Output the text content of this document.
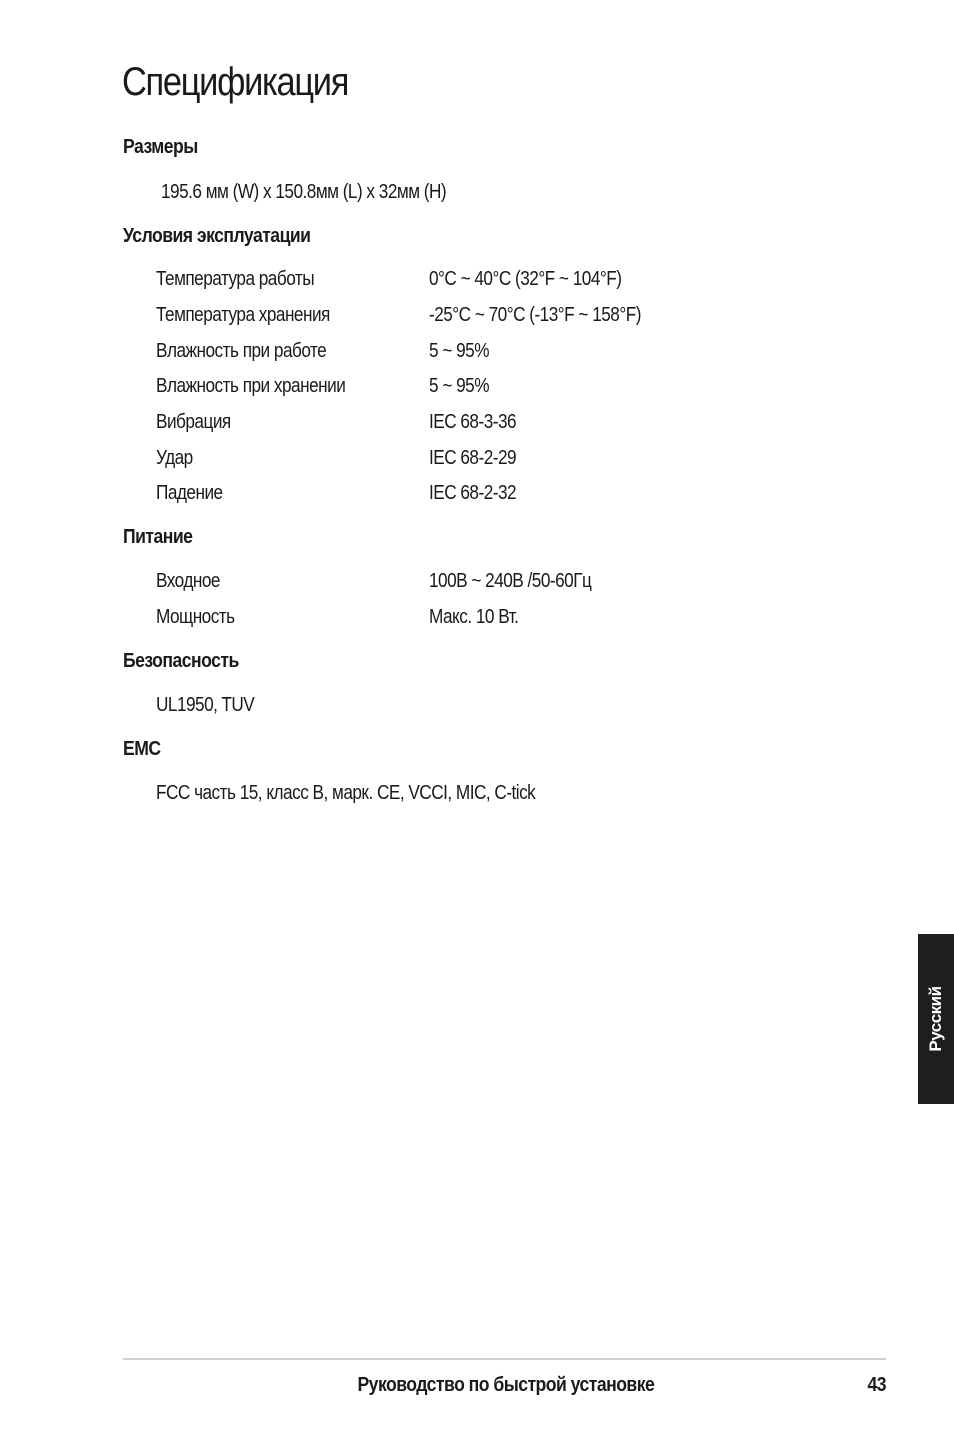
Спецификация
Размеры
195.6 мм (W) x 150.8мм (L) x 32мм (H)
Условия эксплуатации
Температура работы	0°C ~ 40°C (32°F ~ 104°F)
Температура хранения	-25°C ~ 70°C (-13°F ~ 158°F)
Влажность при работе	5 ~ 95%
Влажность при хранении	5 ~ 95%
Вибрация	IEC 68-3-36
Удар	IEC 68-2-29
Падение	IEC 68-2-32
Питание
Входное	100В ~ 240В /50-60Гц
Мощность	Макс. 10 Вт.
Безопасность
UL1950, TUV
EMC
FCC часть 15, класс B, марк. CE, VCCI, MIC, C-tick
Русский
Руководство по быстрой установке	43
